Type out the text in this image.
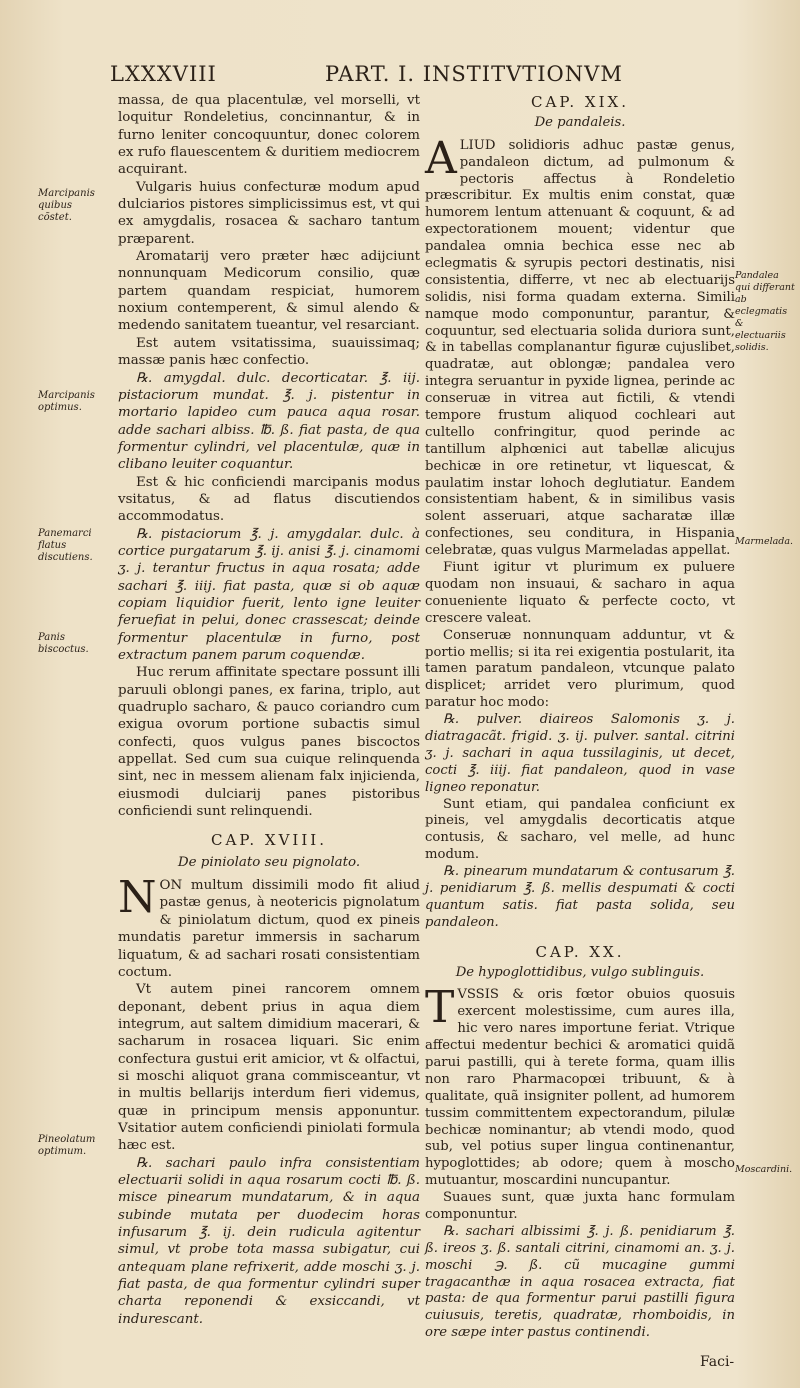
LXXXVIII	PART. I. INSTITVTIONVM
Marcipanis quibus cõstet.
Marcipanis optimus.
Panemarci flatus discutiens.
Panis biscoctus.
Pineolatum optimum.
Pandalea qui differant ab eclegmatis & electuariis solidis.
Marmelada.
Moscardini.

massa, de qua placentulæ, vel morselli, vt loquitur Rondeletius, concinnantur, & in furno leniter concoquuntur, donec colorem ex rufo flauescentem & duritiem mediocrem acquirant.

Vulgaris huius confecturæ modum apud dulciarios pistores simplicissimus est, vt qui ex amygdalis, rosacea & sacharo tantum præparent.

Aromatarij vero præter hæc adijciunt nonnunquam Medicorum consilio, quæ partem quandam respiciat, humorem noxium contemperent, & simul alendo & medendo sanitatem tueantur, vel resarciant.

Est autem vsitatissima, suauissimaq; massæ panis hæc confectio.

℞. amygdal. dulc. decorticatar. ℥. iij. pistaciorum mundat. ℥. j. pistentur in mortario lapideo cum pauca aqua rosar. adde sachari albiss. ℔. ß. fiat pasta, de qua formentur cylindri, vel placentulæ, quæ in clibano leuiter coquantur.

Est & hic conficiendi marcipanis modus vsitatus, & ad flatus discutiendos accommodatus.

℞. pistaciorum ℥. j. amygdalar. dulc. à cortice purgatarum ℥. ij. anisi ℥. j. cinamomi ʒ. j. terantur fructus in aqua rosata; adde sachari ℥. iiij. fiat pasta, quæ si ob aquæ copiam liquidior fuerit, lento igne leuiter feruefiat in pelui, donec crassescat; deinde formentur placentulæ in furno, post extractum panem parum coquendæ.

Huc rerum affinitate spectare possunt illi paruuli oblongi panes, ex farina, triplo, aut quadruplo sacharo, & pauco coriandro cum exigua ovorum portione subactis simul confecti, quos vulgus panes biscoctos appellat. Sed cum sua cuique relinquenda sint, nec in messem alienam falx injicienda, eiusmodi dulciarij panes pistoribus conficiendi sunt relinquendi.

CAP. XVIII.
De piniolato seu pignolato.

NON multum dissimili modo fit aliud pastæ genus, à neotericis pignolatum & piniolatum dictum, quod ex pineis mundatis paretur immersis in sacharum liquatum, & ad sachari rosati consistentiam coctum.

Vt autem pinei rancorem omnem deponant, debent prius in aqua diem integrum, aut saltem dimidium macerari, & sacharum in rosacea liquari. Sic enim confectura gustui erit amicior, vt & olfactui, si moschi aliquot grana commisceantur, vt in multis bellarijs interdum fieri videmus, quæ in principum mensis apponuntur. Vsitatior autem conficiendi piniolati formula hæc est.

℞. sachari paulo infra consistentiam electuarii solidi in aqua rosarum cocti ℔. ß. misce pinearum mundatarum, & in aqua subinde mutata per duodecim horas infusarum ℥. ij. dein rudicula agitentur simul, vt probe tota massa subigatur, cui antequam plane refrixerit, adde moschi ʒ. j. fiat pasta, de qua formentur cylindri super charta reponendi & exsiccandi, vt indurescant.

CAP. XIX.
De pandaleis.

ALIUD solidioris adhuc pastæ genus, pandaleon dictum, ad pulmonum & pectoris affectus à Rondeletio præscribitur. Ex multis enim constat, quæ humorem lentum attenuant & coquunt, & ad expectorationem mouent; videntur que pandalea omnia bechica esse nec ab eclegmatis & syrupis pectori destinatis, nisi consistentia, differre, vt nec ab electuarijs solidis, nisi forma quadam externa. Simili namque modo componuntur, parantur, & coquuntur, sed electuaria solida duriora sunt, & in tabellas complanantur figuræ cujuslibet, quadratæ, aut oblongæ; pandalea vero integra seruantur in pyxide lignea, perinde ac conseruæ in vitrea aut fictili, & vtendi tempore frustum aliquod cochleari aut cultello confringitur, quod perinde ac tantillum alphœnici aut tabellæ alicujus bechicæ in ore retinetur, vt liquescat, & paulatim instar lohoch deglutiatur. Eandem consistentiam habent, & in similibus vasis solent asseruari, atque sacharatæ illæ confectiones, seu conditura, in Hispania celebratæ, quas vulgus Marmeladas appellat.

Fiunt igitur vt plurimum ex puluere quodam non insuaui, & sacharo in aqua conueniente liquato & perfecte cocto, vt crescere valeat.

Conseruæ nonnunquam adduntur, vt & portio mellis; si ita rei exigentia postularit, ita tamen paratum pandaleon, vtcunque palato displicet; arridet vero plurimum, quod paratur hoc modo:

℞. pulver. diaireos Salomonis ʒ. j. diatragacãt. frigid. ʒ. ij. pulver. santal. citrini ʒ. j. sachari in aqua tussilaginis, ut decet, cocti ℥. iiij. fiat pandaleon, quod in vase ligneo reponatur.

Sunt etiam, qui pandalea conficiunt ex pineis, vel amygdalis decorticatis atque contusis, & sacharo, vel melle, ad hunc modum.

℞. pinearum mundatarum & contusarum ℥. j. penidiarum ℥. ß. mellis despumati & cocti quantum satis. fiat pasta solida, seu pandaleon.

CAP. XX.
De hypoglottidibus, vulgo sublinguis.

TVSSIS & oris fœtor obuios quosuis exercent molestissime, cum aures illa, hic vero nares importune feriat. Vtrique affectui medentur bechici & aromatici quidã parui pastilli, qui à terete forma, quam illis non raro Pharmacopœi tribuunt, & à qualitate, quã insigniter pollent, ad humorem tussim committentem expectorandum, pilulæ bechicæ nominantur; ab vtendi modo, quod sub, vel potius super lingua continenantur, hypoglottides; ab odore; quem à moscho mutuantur, moscardini nuncupantur.

Suaues sunt, quæ juxta hanc formulam componuntur.

℞. sachari albissimi ℥. j. ß. penidiarum ℥. ß. ireos ʒ. ß. santali citrini, cinamomi an. ʒ. j. moschi ℈. ß. cũ mucagine gummi tragacanthæ in aqua rosacea extracta, fiat pasta: de qua formentur parui pastilli figura cuiusuis, teretis, quadratæ, rhomboidis, in ore sæpe inter pastus continendi.

Faci-
